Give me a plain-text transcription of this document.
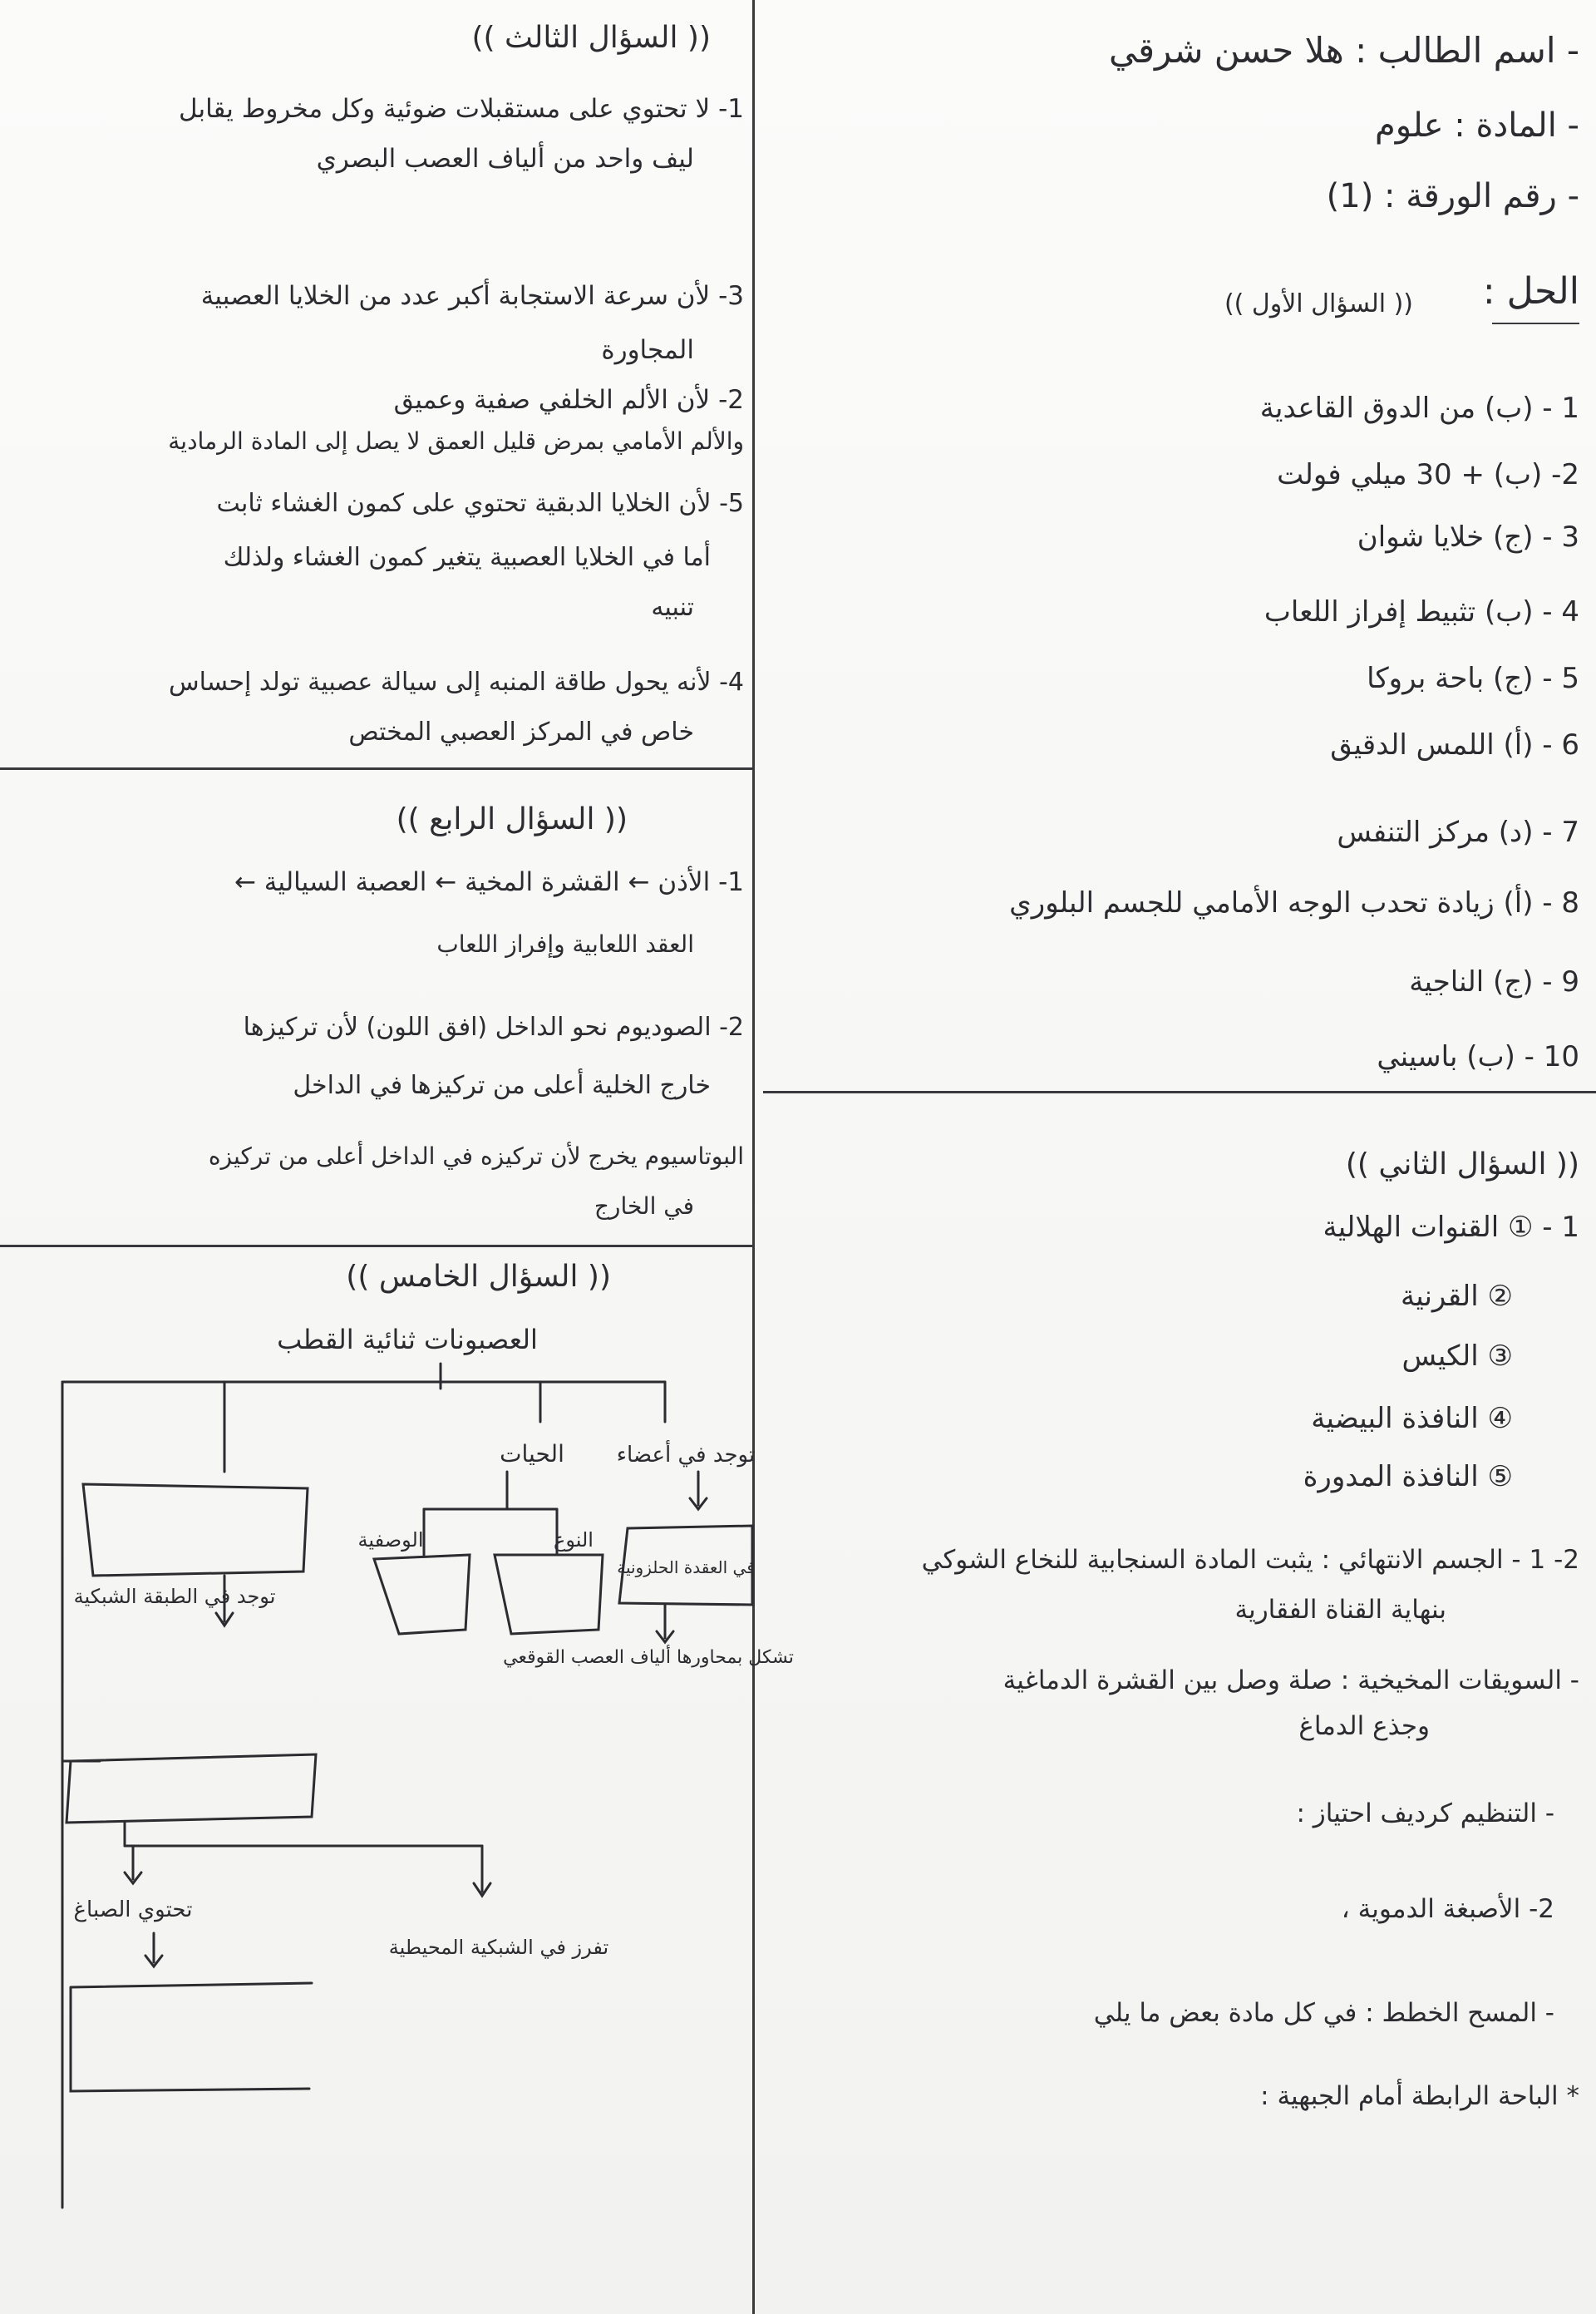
- اسم الطالب : هلا حسن شرقي
- المادة : علوم
- رقم الورقة : (1)
الحل :
(( السؤال الأول ))
1 - (ب) من الدوق القاعدية
2- (ب) + 30 ميلي فولت
3 - (ج) خلايا شوان
4 - (ب) تثبيط إفراز اللعاب
5 - (ج) باحة بروكا
6 - (أ) اللمس الدقيق
7 - (د) مركز التنفس
8 - (أ) زيادة تحدب الوجه الأمامي للجسم البلوري
9 - (ج) الناجية
10 - (ب) باسيني
(( السؤال الثاني ))
1 - ① القنوات الهلالية
② القرنية
③ الكيس
④ النافذة البيضية
⑤ النافذة المدورة
2- 1 - الجسم الانتهائي : يثبت المادة السنجابية للنخاع الشوكي
بنهاية القناة الفقارية
- السويقات المخيخية : صلة وصل بين القشرة الدماغية
وجذع الدماغ
- التنظيم كرديف احتياز :
2- الأصبغة الدموية ،
- المسح الخطط : في كل مادة بعض ما يلي
* الباحة الرابطة أمام الجبهية :
(( السؤال الثالث ))
1- لا تحتوي على مستقبلات ضوئية وكل مخروط يقابل
ليف واحد من ألياف العصب البصري
3- لأن سرعة الاستجابة أكبر عدد من الخلايا العصبية
المجاورة
2- لأن الألم الخلفي صفية وعميق
والألم الأمامي بمرض قليل العمق لا يصل إلى المادة الرمادية
5- لأن الخلايا الدبقية تحتوي على كمون الغشاء ثابت
أما في الخلايا العصبية يتغير كمون الغشاء ولذلك
تنبيه
4- لأنه يحول طاقة المنبه إلى سيالة عصبية تولد إحساس
خاص في المركز العصبي المختص
(( السؤال الرابع ))
1- الأذن ← القشرة المخية ← العصبة السيالية ←
العقد اللعابية وإفراز اللعاب
2- الصوديوم نحو الداخل (افق اللون) لأن تركيزها
خارج الخلية أعلى من تركيزها في الداخل
البوتاسيوم يخرج لأن تركيزه في الداخل أعلى من تركيزه
في الخارج
(( السؤال الخامس ))
العصبونات ثنائية القطب
الحيات توجد في أعضاء
توجد في الطبقة الشبكية
الوصفية	النوع
في العقدة الحلزونية
تشكل بمحاورها ألياف العصب القوقعي
تحتوي الصباغ
تفرز في الشبكية المحيطية
